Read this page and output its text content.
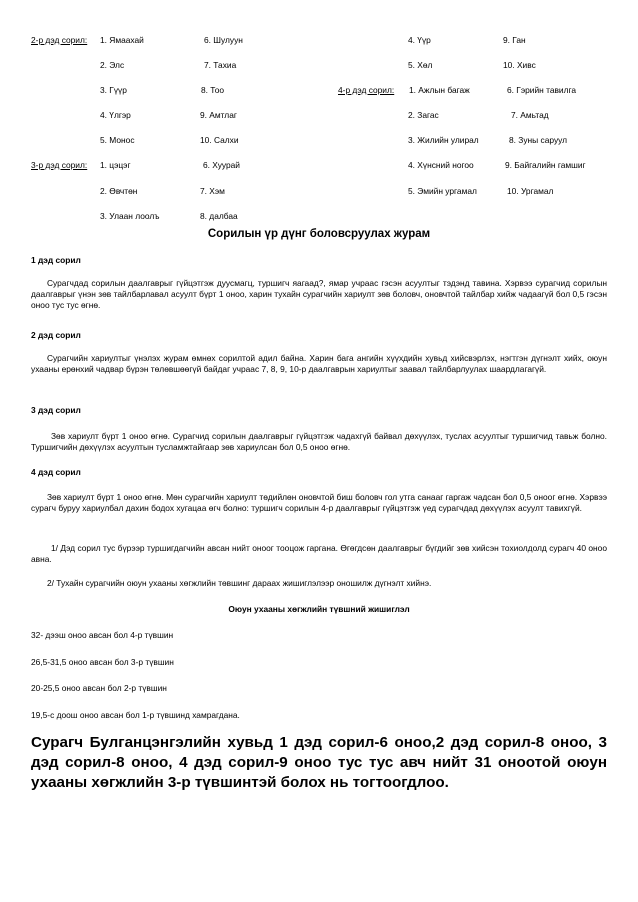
2-р дэд сорил: 1. Ямаахай
2. Элс
3. Гүүр
4. Үлгэр
5. Монос
6. Шулуун
7. Тахиа
8. Тоо
9. Амтлаг
10. Салхи
3-р дэд сорил: 1. цэцэг
2. Өвчтөн
3. Улаан лоолъ
6. Хуурай
7. Хэм
8. далбаа
4-р дэд сорил:
4. Үүр
5. Хөл
1. Ажлын багаж
2. Загас
3. Жилийн улирал
4. Хүнсний ногоо
5. Эмийн ургамал
9. Ган
10. Хивс
6. Гэрийн тавилга
7. Амьтад
8. Зуны саруул
9. Байгалийн гамшиг
10. Ургамал
Сорилын үр дүнг боловсруулах журам
1 дэд сорил
Сурагчдад сорилын даалгаврыг гүйцэтгэж дуусмагц, туршигч яагаад?, ямар учраас гэсэн асуултыг тэдэнд тавина. Хэрвээ сурагчид сорилын даалгаврыг үнэн зөв тайлбарлавал асуулт бүрт 1 оноо, харин тухайн сурагчийн хариулт зөв боловч, оновчтой тайлбар хийж чадаагүй бол 0,5 гэсэн оноо тус тус өгнө.
2 дэд сорил
Сурагчийн хариултыг үнэлэх журам өмнөх сорилтой адил байна. Харин бага ангийн хүүхдийн хувьд хийсвэрлэх, нэгтгэн дүгнэлт хийх, оюун ухааны ерөнхий чадвар бүрэн төлөвшөөгүй байдаг учраас 7, 8, 9, 10-р даалгаврын хариултыг заавал тайлбарлуулах шаардлагагүй.
3 дэд сорил
Зөв хариулт бүрт 1 оноо өгнө. Сурагчид сорилын даалгаврыг гүйцэтгэж чадахгүй байвал дөхүүлэх, туслах асуултыг туршигчид тавьж болно. Туршигчийн дөхүүлэх асуултын тусламжтайгаар зөв хариулсан бол 0,5 оноо өгнө.
4 дэд сорил
Зөв хариулт бүрт 1 оноо өгнө. Мөн сурагчийн хариулт төдийлөн оновчтой биш боловч гол утга санааг гаргаж чадсан бол 0,5 оноог өгнө. Хэрвээ сурагч буруу хариулбал дахин бодох хугацаа өгч болно: туршигч сорилын 4-р даалгаврыг гүйцэтгэж үед сурагчдад дөхүүлэх асуулт тавихгүй.
1/ Дэд сорил тус бүрээр туршигдагчийн авсан нийт оноог тооцож гаргана. Өгөгдсөн даалгаврыг бүгдийг зөв хийсэн тохиолдолд сурагч 40 оноо авна.
2/ Тухайн сурагчийн оюун ухааны хөгжлийн төвшинг дараах жишиглэлээр оношилж дүгнэлт хийнэ.
Оюун ухааны хөгжлийн түвшний жишиглэл
32- дээш оноо авсан бол 4-р түвшин
26,5-31,5 оноо авсан бол 3-р түвшин
20-25,5 оноо авсан бол 2-р түвшин
19,5-с доош оноо авсан бол 1-р түвшинд хамрагдана.
Сурагч Булганцэнгэлийн хувьд 1 дэд сорил-6 оноо,2 дэд сорил-8 оноо, 3 дэд сорил-8 оноо, 4 дэд сорил-9 оноо тус тус авч нийт 31 оноотой оюун ухааны хөгжлийн 3-р түвшинтэй болох нь тогтоогдлоо.
